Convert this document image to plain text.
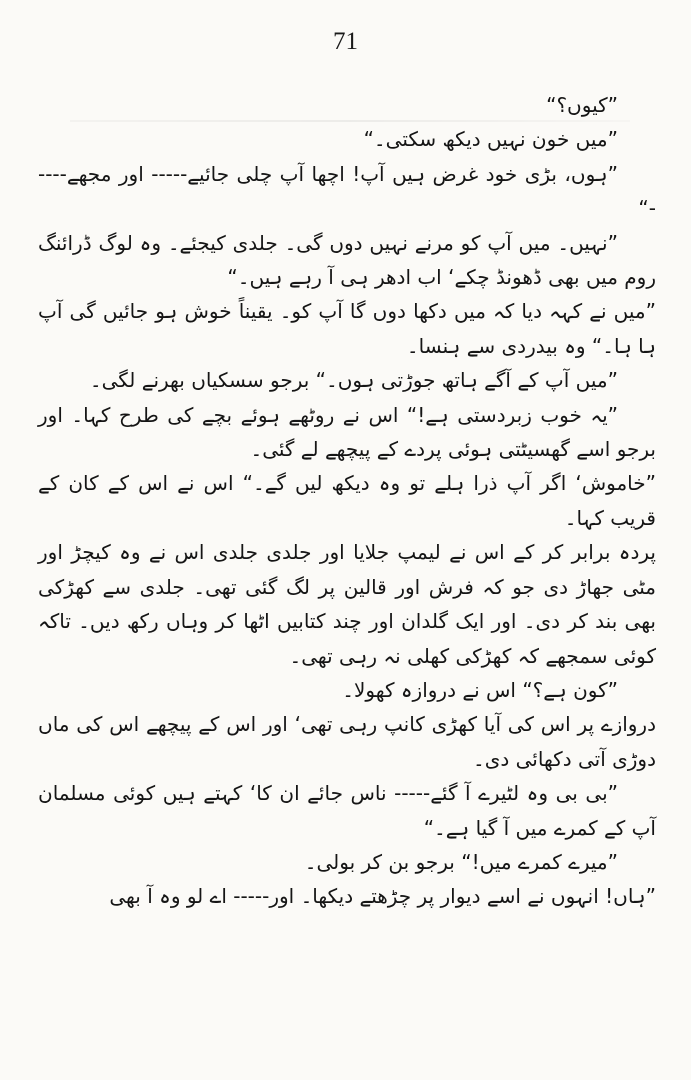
71

”کیوں؟“

”میں خون نہیں دیکھ سکتی۔“

”ہوں، بڑی خود غرض ہیں آپ! اچھا آپ چلی جائیے----- اور مجھے-----“

”نہیں۔ میں آپ کو مرنے نہیں دوں گی۔ جلدی کیجئے۔ وہ لوگ ڈرائنگ روم میں بھی ڈھونڈ چکے‘ اب ادھر ہی آ رہے ہیں۔“

”میں نے کہہ دیا کہ میں دکھا دوں گا آپ کو۔ یقیناً خوش ہو جائیں گی آپ ہا ہا۔“ وہ بیدردی سے ہنسا۔

”میں آپ کے آگے ہاتھ جوڑتی ہوں۔“ برجو سسکیاں بھرنے لگی۔

”یہ خوب زبردستی ہے!“ اس نے روٹھے ہوئے بچے کی طرح کہا۔ اور برجو اسے گھسیٹتی ہوئی پردے کے پیچھے لے گئی۔

”خاموش‘ اگر آپ ذرا ہلے تو وہ دیکھ لیں گے۔“ اس نے اس کے کان کے قریب کہا۔

پردہ برابر کر کے اس نے لیمپ جلایا اور جلدی جلدی اس نے وہ کیچڑ اور مٹی جھاڑ دی جو کہ فرش اور قالین پر لگ گئی تھی۔ جلدی سے کھڑکی بھی بند کر دی۔ اور ایک گلدان اور چند کتابیں اٹھا کر وہاں رکھ دیں۔ تاکہ کوئی سمجھے کہ کھڑکی کھلی نہ رہی تھی۔

”کون ہے؟“ اس نے دروازہ کھولا۔

دروازے پر اس کی آیا کھڑی کانپ رہی تھی‘ اور اس کے پیچھے اس کی ماں دوڑی آتی دکھائی دی۔

”بی بی وہ لٹیرے آ گئے----- ناس جائے ان کا‘ کہتے ہیں کوئی مسلمان آپ کے کمرے میں آ گیا ہے۔“

”میرے کمرے میں!“ برجو بن کر بولی۔

”ہاں! انہوں نے اسے دیوار پر چڑھتے دیکھا۔ اور----- اے لو وہ آ بھی
